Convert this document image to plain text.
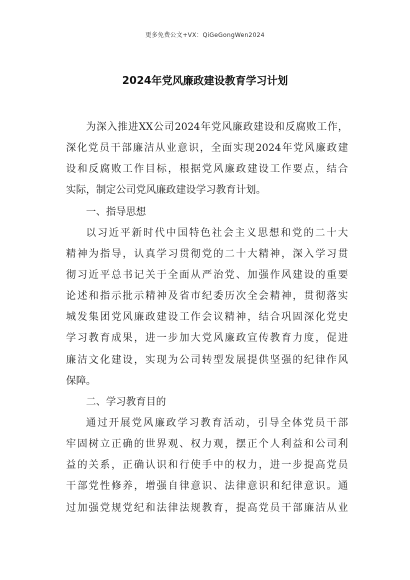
更多免费公文+VX：QiGeGongWen2024
2024年党风廉政建设教育学习计划
为深入推进XX公司2024年党风廉政建设和反腐败工作，
深化党员干部廉洁从业意识，全面实现2024年党风廉政建
设和反腐败工作目标，根据党风廉政建设工作要点，结合
实际，制定公司党风廉政建设学习教育计划。
一、指导思想
以习近平新时代中国特色社会主义思想和党的二十大
精神为指导，认真学习贯彻党的二十大精神，深入学习贯
彻习近平总书记关于全面从严治党、加强作风建设的重要
论述和指示批示精神及省市纪委历次全会精神，贯彻落实
城发集团党风廉政建设工作会议精神，结合巩固深化党史
学习教育成果，进一步加大党风廉政宣传教育力度，促进
廉洁文化建设，实现为公司转型发展提供坚强的纪律作风
保障。
二、学习教育目的
通过开展党风廉政学习教育活动，引导全体党员干部
牢固树立正确的世界观、权力观，摆正个人利益和公司利
益的关系，正确认识和行使手中的权力，进一步提高党员
干部党性修养，增强自律意识、法律意识和纪律意识。通
过加强党规党纪和法律法规教育，提高党员干部廉洁从业
